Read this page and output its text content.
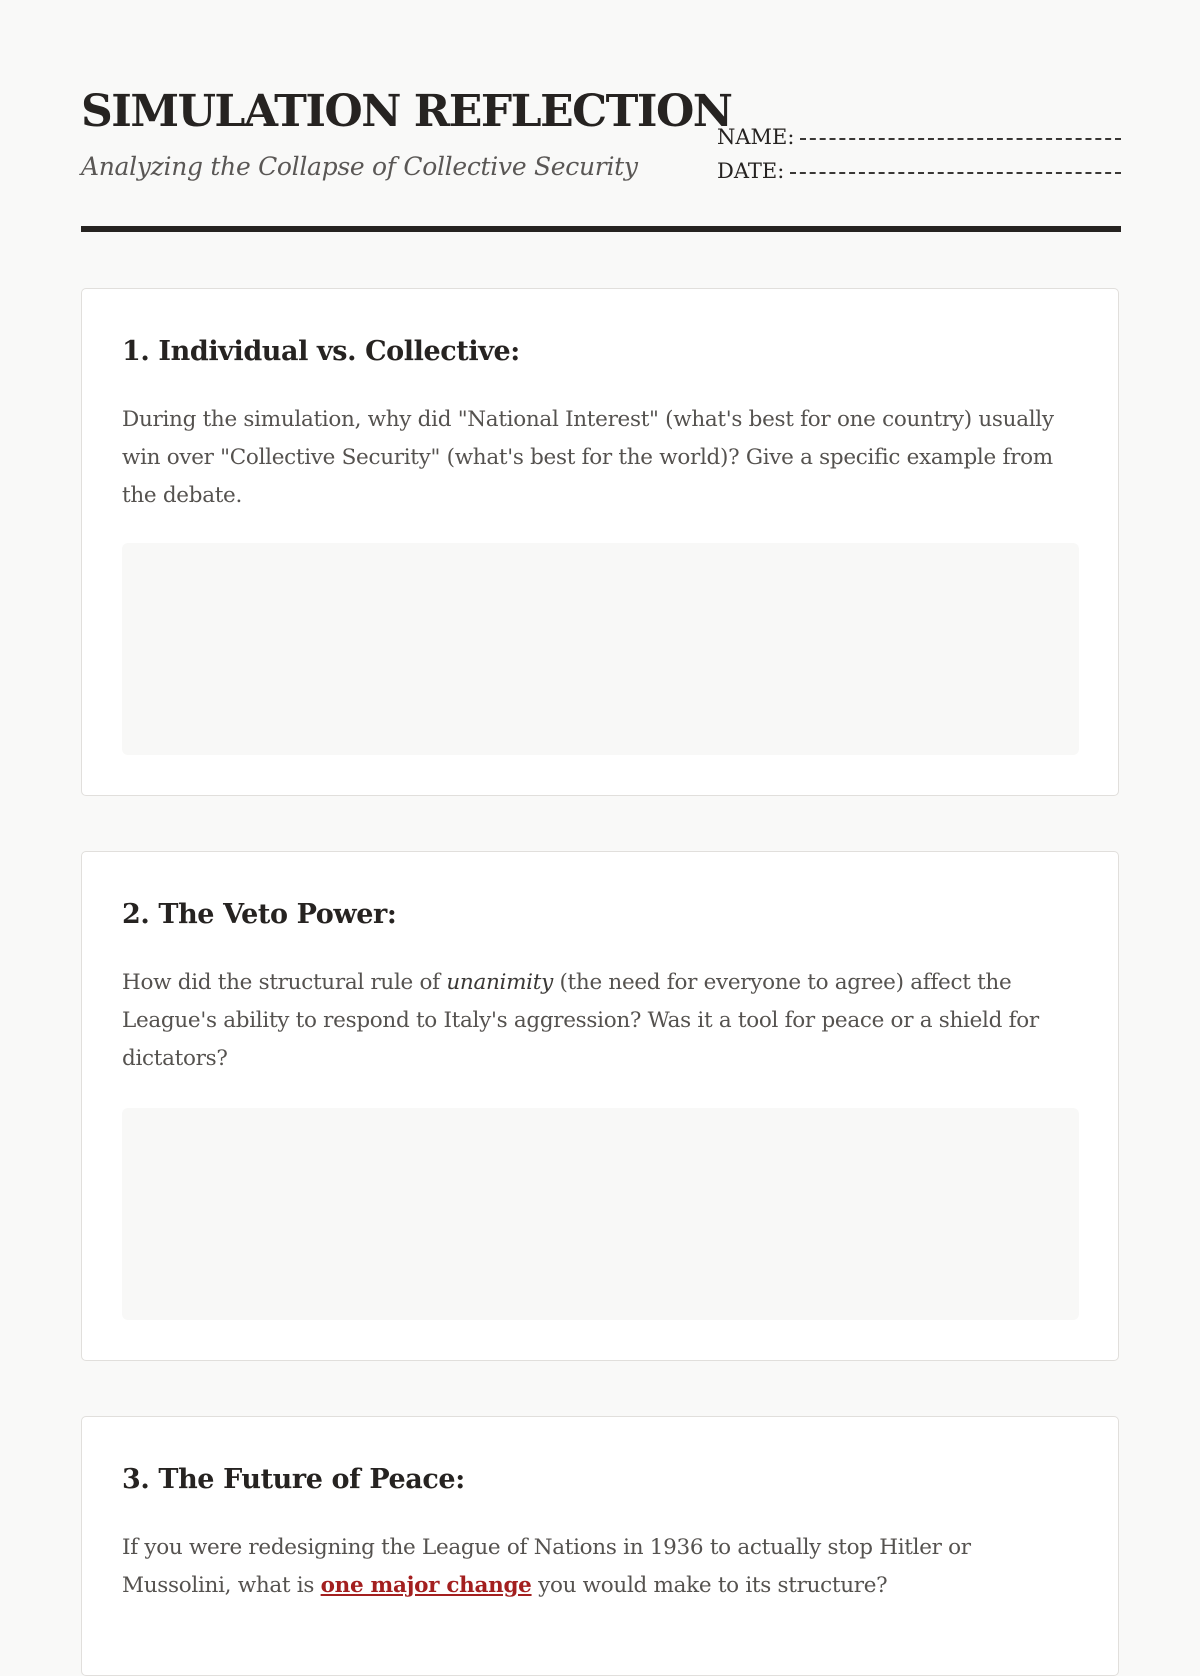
SIMULATION REFLECTION
Analyzing the Collapse of Collective Security
NAME:
DATE:
1. Individual vs. Collective:

During the simulation, why did "National Interest" (what's best for one country) usually win over "Collective Security" (what's best for the world)? Give a specific example from the debate.

2. The Veto Power:

How did the structural rule of unanimity (the need for everyone to agree) affect the League's ability to respond to Italy's aggression? Was it a tool for peace or a shield for dictators?

3. The Future of Peace:

If you were redesigning the League of Nations in 1936 to actually stop Hitler or Mussolini, what is one major change you would make to its structure?
